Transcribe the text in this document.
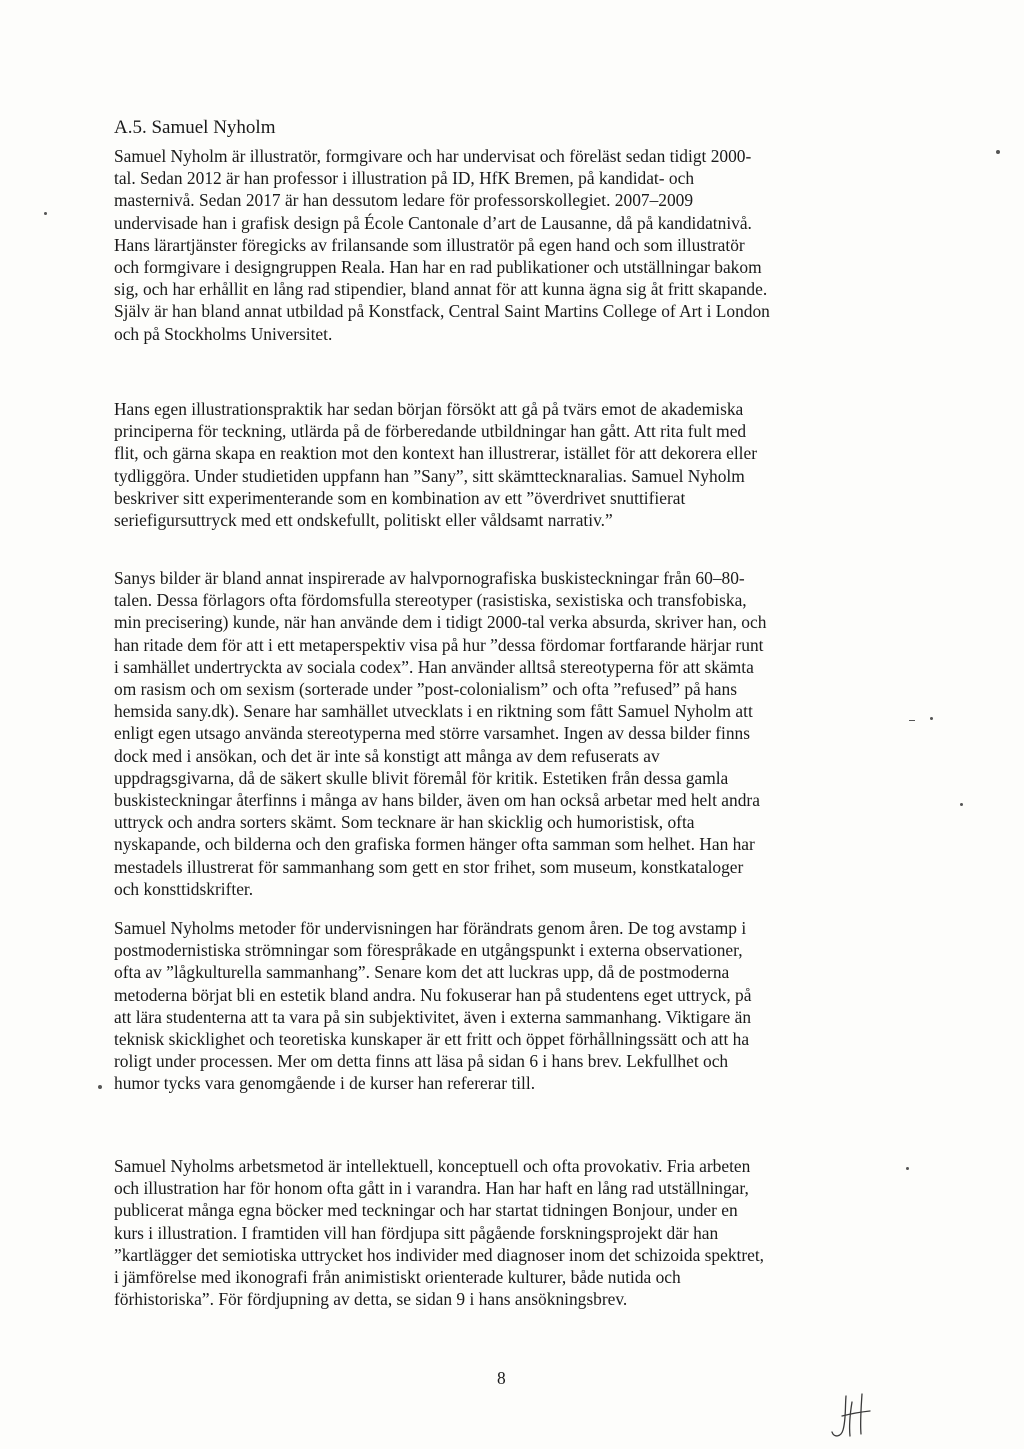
A.5. Samuel Nyholm

Samuel Nyholm är illustratör, formgivare och har undervisat och föreläst sedan tidigt 2000-
tal. Sedan 2012 är han professor i illustration på ID, HfK Bremen, på kandidat- och
masternivå. Sedan 2017 är han dessutom ledare för professorskollegiet. 2007–2009
undervisade han i grafisk design på École Cantonale d’art de Lausanne, då på kandidatnivå.
Hans lärartjänster föregicks av frilansande som illustratör på egen hand och som illustratör
och formgivare i designgruppen Reala. Han har en rad publikationer och utställningar bakom
sig, och har erhållit en lång rad stipendier, bland annat för att kunna ägna sig åt fritt skapande.
Själv är han bland annat utbildad på Konstfack, Central Saint Martins College of Art i London
och på Stockholms Universitet.

Hans egen illustrationspraktik har sedan början försökt att gå på tvärs emot de akademiska
principerna för teckning, utlärda på de förberedande utbildningar han gått. Att rita fult med
flit, och gärna skapa en reaktion mot den kontext han illustrerar, istället för att dekorera eller
tydliggöra. Under studietiden uppfann han ”Sany”, sitt skämttecknaralias. Samuel Nyholm
beskriver sitt experimenterande som en kombination av ett ”överdrivet snuttifierat
seriefigursuttryck med ett ondskefullt, politiskt eller våldsamt narrativ.”

Sanys bilder är bland annat inspirerade av halvpornografiska buskisteckningar från 60–80-
talen. Dessa förlagors ofta fördomsfulla stereotyper (rasistiska, sexistiska och transfobiska,
min precisering) kunde, när han använde dem i tidigt 2000-tal verka absurda, skriver han, och
han ritade dem för att i ett metaperspektiv visa på hur ”dessa fördomar fortfarande härjar runt
i samhället undertryckta av sociala codex”. Han använder alltså stereotyperna för att skämta
om rasism och om sexism (sorterade under ”post-colonialism” och ofta ”refused” på hans
hemsida sany.dk). Senare har samhället utvecklats i en riktning som fått Samuel Nyholm att
enligt egen utsago använda stereotyperna med större varsamhet. Ingen av dessa bilder finns
dock med i ansökan, och det är inte så konstigt att många av dem refuserats av
uppdragsgivarna, då de säkert skulle blivit föremål för kritik. Estetiken från dessa gamla
buskisteckningar återfinns i många av hans bilder, även om han också arbetar med helt andra
uttryck och andra sorters skämt. Som tecknare är han skicklig och humoristisk, ofta
nyskapande, och bilderna och den grafiska formen hänger ofta samman som helhet. Han har
mestadels illustrerat för sammanhang som gett en stor frihet, som museum, konstkataloger
och konsttidskrifter.

Samuel Nyholms metoder för undervisningen har förändrats genom åren. De tog avstamp i
postmodernistiska strömningar som förespråkade en utgångspunkt i externa observationer,
ofta av ”lågkulturella sammanhang”. Senare kom det att luckras upp, då de postmoderna
metoderna börjat bli en estetik bland andra. Nu fokuserar han på studentens eget uttryck, på
att lära studenterna att ta vara på sin subjektivitet, även i externa sammanhang. Viktigare än
teknisk skicklighet och teoretiska kunskaper är ett fritt och öppet förhållningssätt och att ha
roligt under processen. Mer om detta finns att läsa på sidan 6 i hans brev. Lekfullhet och
humor tycks vara genomgående i de kurser han refererar till.

Samuel Nyholms arbetsmetod är intellektuell, konceptuell och ofta provokativ. Fria arbeten
och illustration har för honom ofta gått in i varandra. Han har haft en lång rad utställningar,
publicerat många egna böcker med teckningar och har startat tidningen Bonjour, under en
kurs i illustration. I framtiden vill han fördjupa sitt pågående forskningsprojekt där han
”kartlägger det semiotiska uttrycket hos individer med diagnoser inom det schizoida spektret,
i jämförelse med ikonografi från animistiskt orienterade kulturer, både nutida och
förhistoriska”. För fördjupning av detta, se sidan 9 i hans ansökningsbrev.

8
